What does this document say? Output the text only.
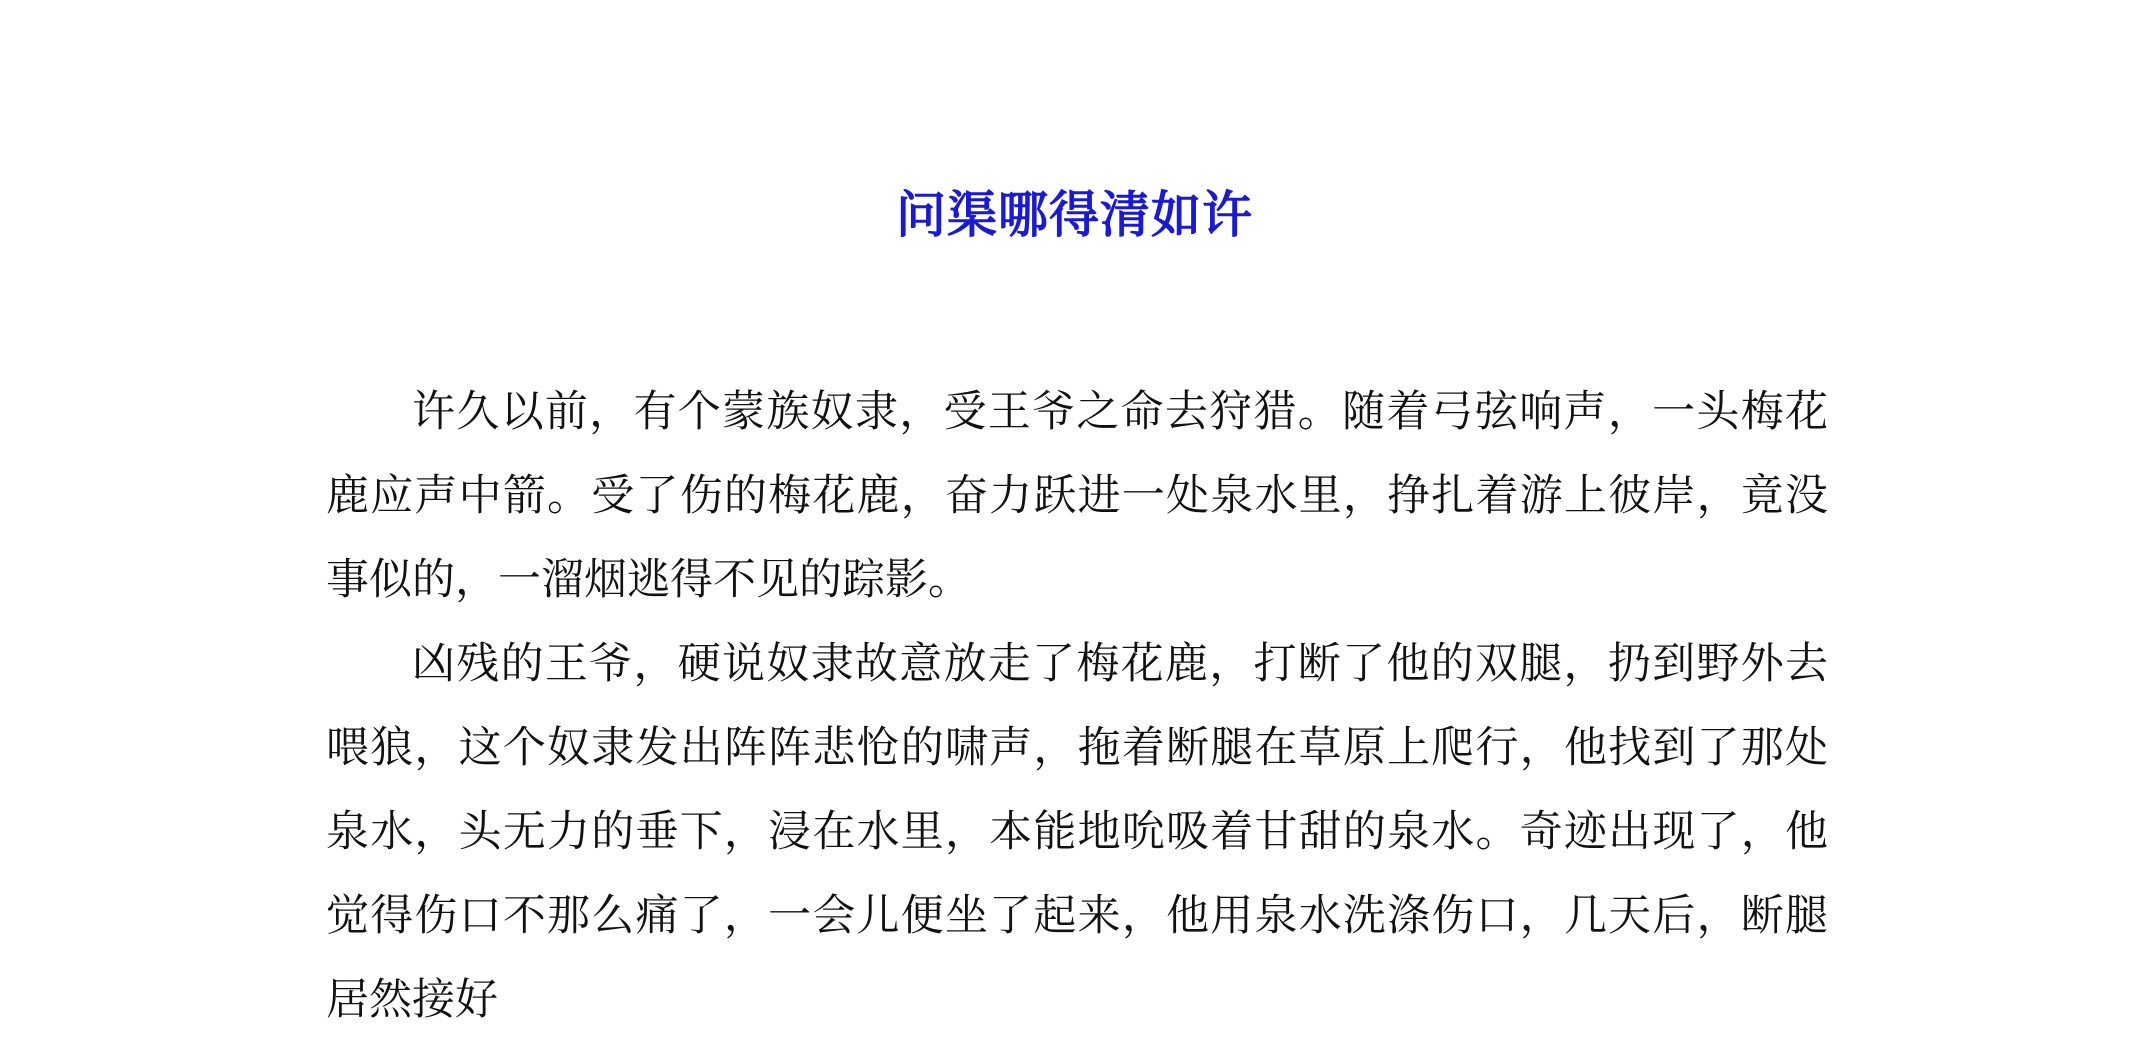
问渠哪得清如许

许久以前，有个蒙族奴隶，受王爷之命去狩猎。随着弓弦响声，一头梅花鹿应声中箭。受了伤的梅花鹿，奋力跃进一处泉水里，挣扎着游上彼岸，竟没事似的，一溜烟逃得不见的踪影。

凶残的王爷，硬说奴隶故意放走了梅花鹿，打断了他的双腿，扔到野外去喂狼，这个奴隶发出阵阵悲怆的啸声，拖着断腿在草原上爬行，他找到了那处泉水，头无力的垂下，浸在水里，本能地吮吸着甘甜的泉水。奇迹出现了，他觉得伤口不那么痛了，一会儿便坐了起来，他用泉水洗涤伤口，几天后，断腿居然接好
